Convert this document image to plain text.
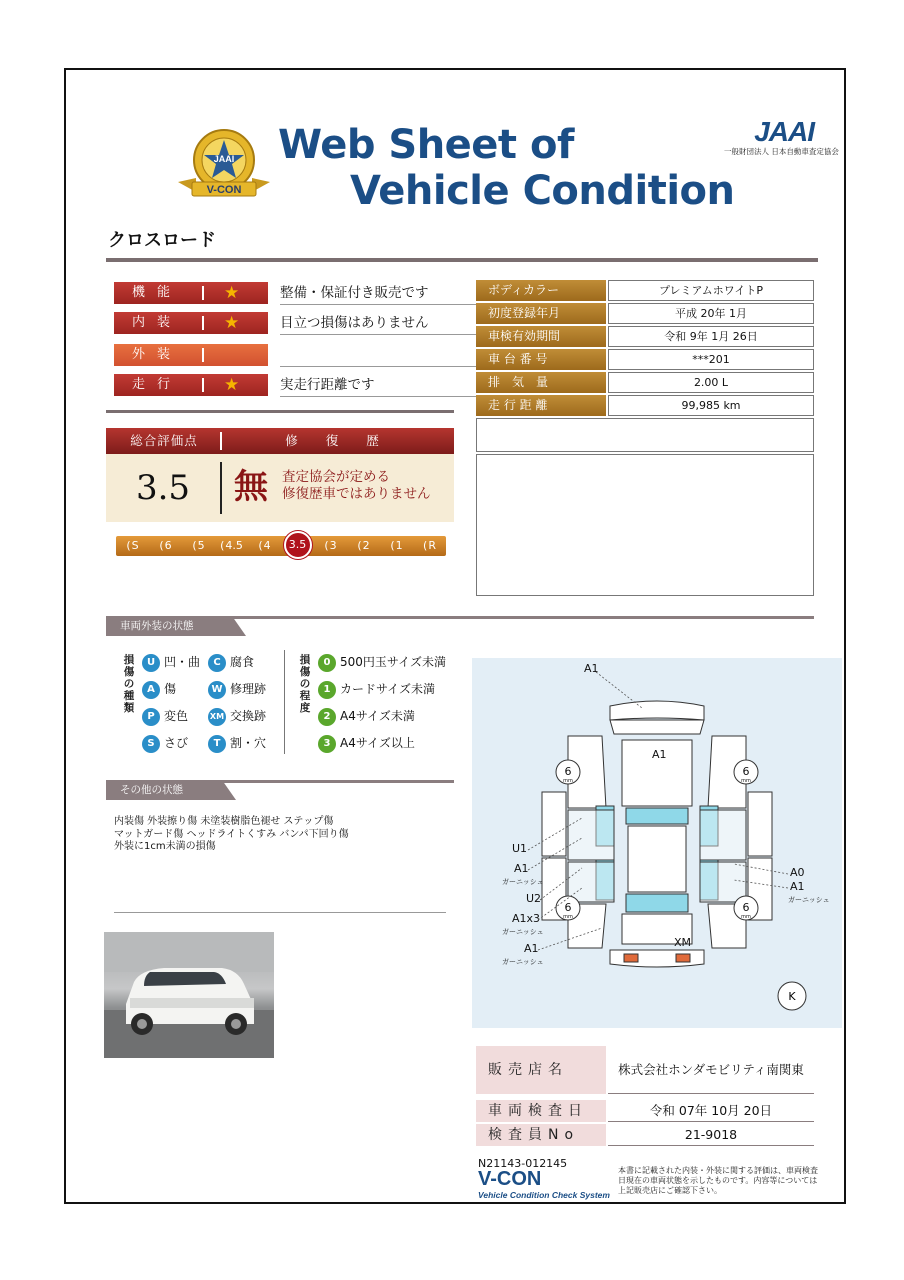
JAAI
V-CON
Web Sheet of
Vehicle Condition
JAAI
一般財団法人 日本自動車査定協会
クロスロード
機能	★	整備・保証付き販売です
内装	★	目立つ損傷はありません
外装
走行	★	実走行距離です
ボディカラー	プレミアムホワイトP
初度登録年月	平成 20年 1月
車検有効期間	令和 9年 1月 26日
車 台 番 号	***201
排　気　量	2.00 L
走 行 距 離	99,985 km
総合評価点	修 復 歴
3.5	無 査定協会が定める
修復歴車ではありません
( S	( 6	( 5	( 4.5	( 4	3.5	( 3	( 2	( 1	( R
車両外装の状態
損傷の種類
U 凹・曲	C 腐食
A 傷	W 修理跡
P 変色	XM 交換跡
S さび	T 割・穴
損傷の程度
0 500円玉サイズ未満
1 カードサイズ未満
2 A4サイズ未満
3 A4サイズ以上
その他の状態
内装傷 外装擦り傷 未塗装樹脂色褪せ ステップ傷
マットガード傷 ヘッドライトくすみ バンパ下回り傷
外装に1cm未満の損傷
6
mm
6
mm
6
mm
6
mm
A1
A1
U1
A1
ガーニッシュ
U2
A1x3
ガーニッシュ
A1
ガーニッシュ
A0
A1
ガーニッシュ
XM
K
販売店名	株式会社ホンダモビリティ南関東
車両検査日	令和 07年 10月 20日
検査員No	21-9018
N21143-012145
V-CON
Vehicle Condition Check System
本書に記載された内装・外装に関する評価は、車両検査日現在の車両状態を示したものです。内容等については上記販売店にご確認下さい。
